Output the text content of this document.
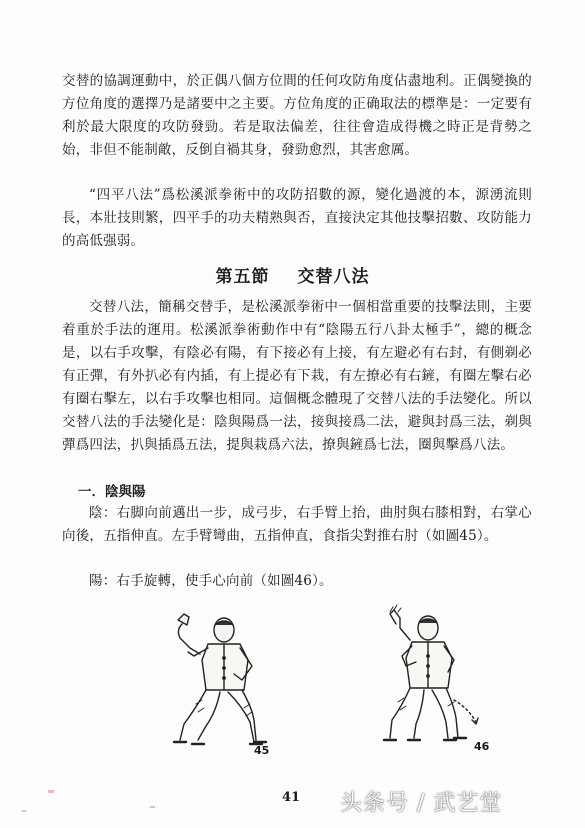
交替的協調運動中，於正偶八個方位間的任何攻防角度佔盡地利。正偶變換的方位角度的選擇乃是諸要中之主要。方位角度的正确取法的標準是：一定要有利於最大限度的攻防發勁。若是取法偏差，往往會造成得機之時正是背勢之始，非但不能制敵，反倒自禍其身，發勁愈烈，其害愈厲。

“四平八法”爲松溪派拳術中的攻防招數的源，變化過渡的本，源湧流則長，本壯技則繁，四平手的功夫精熟與否，直接決定其他技擊招數、攻防能力的高低强弱。

第五節 交替八法

交替八法，簡稱交替手，是松溪派拳術中一個相當重要的技擊法則，主要着重於手法的運用。松溪派拳術動作中有“陰陽五行八卦太極手”，總的概念是，以右手攻擊，有陰必有陽，有下接必有上接，有左避必有右封，有側剃必有正彈，有外扒必有内插，有上提必有下栽，有左撩必有右鏟，有圈左擊右必有圈右擊左，以右手攻擊也相同。這個概念體現了交替八法的手法變化。所以交替八法的手法變化是：陰與陽爲一法，接與接爲二法，避與封爲三法，剃與彈爲四法，扒與插爲五法，提與栽爲六法，撩與鏟爲七法，圈與擊爲八法。

一．陰與陽

陰：右脚向前邁出一步，成弓步，右手臂上抬，曲肘與右膝相對，右掌心向後，五指伸直。左手臂彎曲，五指伸直，食指尖對推右肘（如圖45）。

陽：右手旋轉，使手心向前（如圖46）。

45	46
41 头条号 / 武艺堂
